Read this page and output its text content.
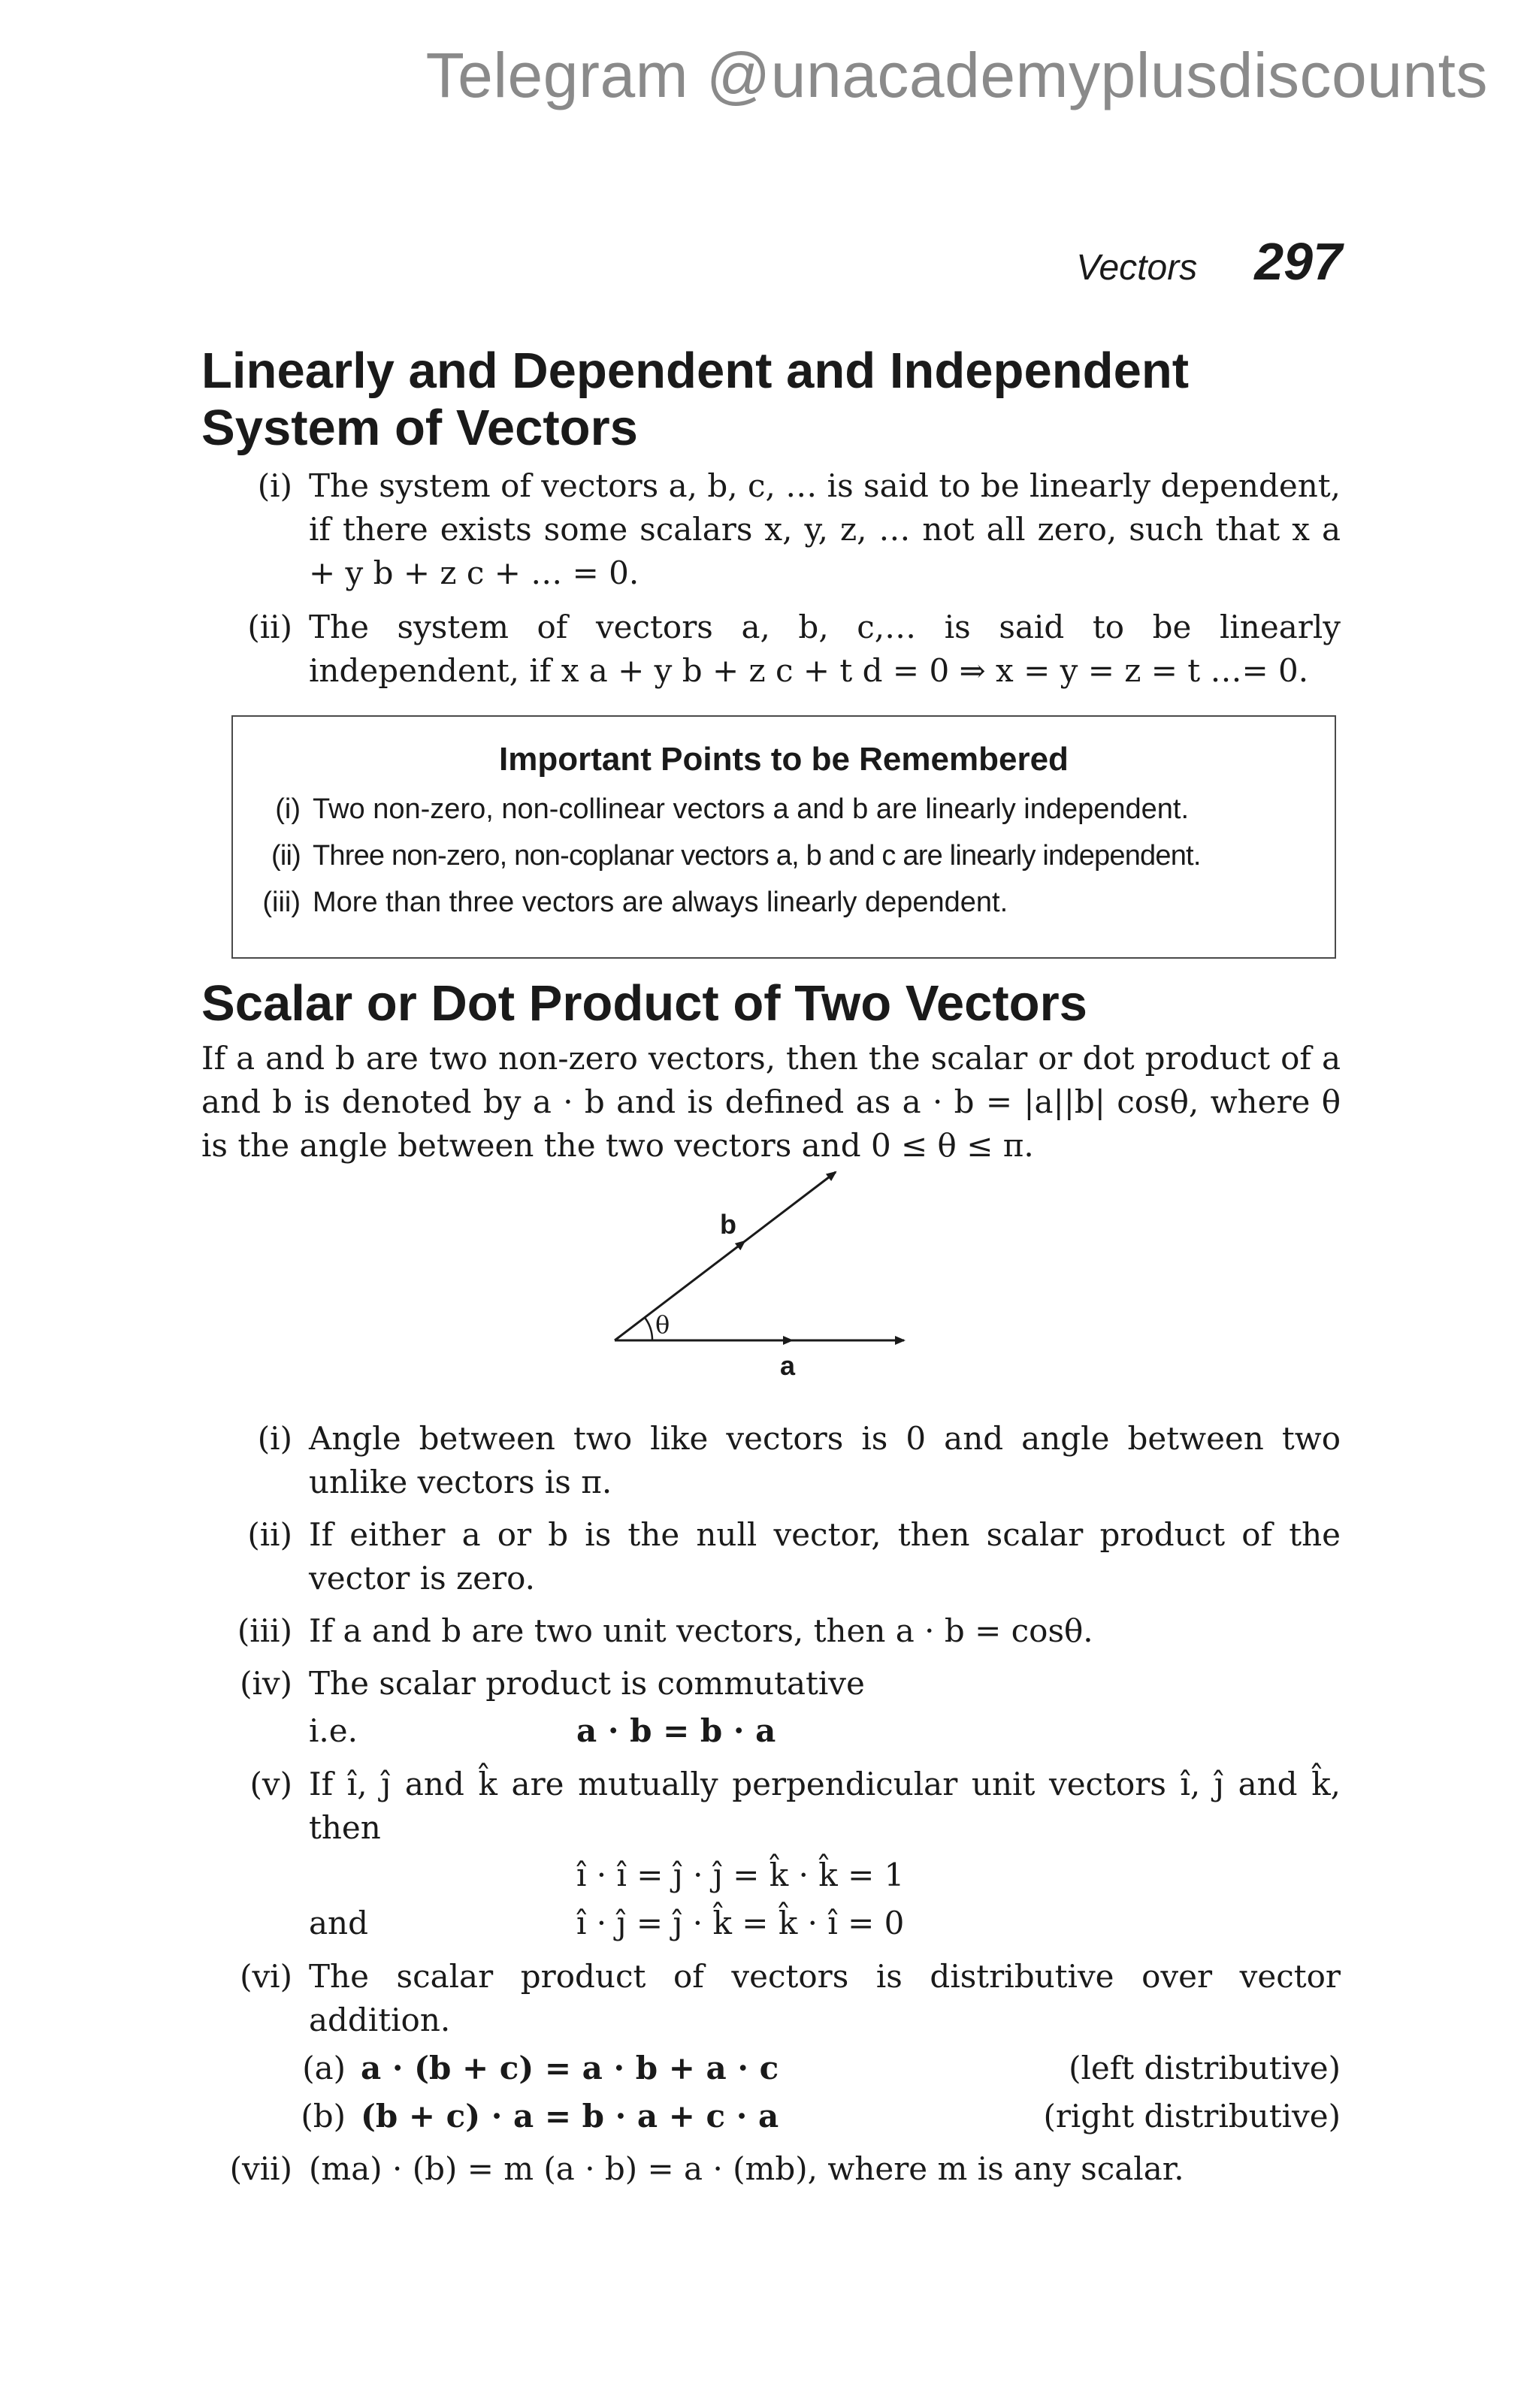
Telegram @unacademyplusdiscounts
Vectors 297
Linearly and Dependent and Independent
System of Vectors
(i) The system of vectors a, b, c, … is said to be linearly dependent, if there exists some scalars x, y, z, … not all zero, such that x a + y b + z c + … = 0.
(ii) The system of vectors a, b, c,… is said to be linearly independent, if x a + y b + z c + t d = 0 ⇒ x = y = z = t …= 0.
Important Points to be Remembered
(i) Two non-zero, non-collinear vectors a and b are linearly independent.
(ii) Three non-zero, non-coplanar vectors a, b and c are linearly independent.
(iii) More than three vectors are always linearly dependent.
Scalar or Dot Product of Two Vectors
If a and b are two non-zero vectors, then the scalar or dot product of a and b is denoted by a · b and is defined as a · b = |a||b| cosθ, where θ is the angle between the two vectors and 0 ≤ θ ≤ π.
b
a
θ
(i) Angle between two like vectors is 0 and angle between two unlike vectors is π.
(ii) If either a or b is the null vector, then scalar product of the vector is zero.
(iii) If a and b are two unit vectors, then a · b = cosθ.
(iv) The scalar product is commutative
i.e.	a · b = b · a
(v) If î, ĵ and k̂ are mutually perpendicular unit vectors î, ĵ and k̂, then
î · î = ĵ · ĵ = k̂ · k̂ = 1
and	î · ĵ = ĵ · k̂ = k̂ · î = 0
(vi) The scalar product of vectors is distributive over vector addition.
(a) a · (b + c) = a · b + a · c	(left distributive)
(b) (b + c) · a = b · a + c · a	(right distributive)
(vii) (ma) · (b) = m (a · b) = a · (mb), where m is any scalar.
